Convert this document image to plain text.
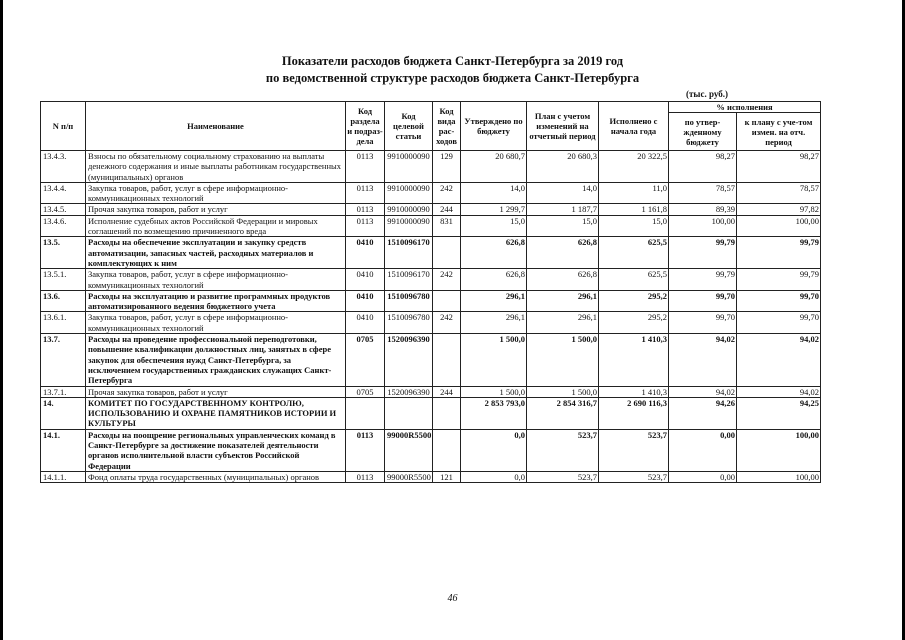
Показатели расходов бюджета Санкт-Петербурга за 2019 год
по ведомственной структуре расходов бюджета Санкт-Петербурга
(тыс. руб.)
N п/п	Наименование	Код раздела и подраз-дела	Код целевой статьи	Код вида рас-ходов	Утверждено по бюджету	План с учетом изменений на отчетный период	Исполнено с начала года	% исполнения	
								по утвер-жденному бюджету	к плану с уче-том измен. на отч. период
13.4.3.	Взносы по обязательному социальному страхованию на выплаты денежного содержания и иные выплаты работникам государственных (муниципальных) органов	0113	9910000090	129	20 680,7	20 680,3	20 322,5	98,27	98,27
13.4.4.	Закупка товаров, работ, услуг в сфере информационно-коммуникационных технологий	0113	9910000090	242	14,0	14,0	11,0	78,57	78,57
13.4.5.	Прочая закупка товаров, работ и услуг	0113	9910000090	244	1 299,7	1 187,7	1 161,8	89,39	97,82
13.4.6.	Исполнение судебных актов Российской Федерации и мировых соглашений по возмещению причиненного вреда	0113	9910000090	831	15,0	15,0	15,0	100,00	100,00
13.5.	Расходы на обеспечение эксплуатации и закупку средств автоматизации, запасных частей, расходных материалов и комплектующих к ним	0410	1510096170		626,8	626,8	625,5	99,79	99,79
13.5.1.	Закупка товаров, работ, услуг в сфере информационно-коммуникационных технологий	0410	1510096170	242	626,8	626,8	625,5	99,79	99,79
13.6.	Расходы на эксплуатацию и развитие программных продуктов автоматизированного ведения бюджетного учета	0410	1510096780		296,1	296,1	295,2	99,70	99,70
13.6.1.	Закупка товаров, работ, услуг в сфере информационно-коммуникационных технологий	0410	1510096780	242	296,1	296,1	295,2	99,70	99,70
13.7.	Расходы на проведение профессиональной переподготовки, повышение квалификации должностных лиц, занятых в сфере закупок для обеспечения нужд Санкт-Петербурга, за исключением государственных гражданских служащих Санкт-Петербурга	0705	1520096390		1 500,0	1 500,0	1 410,3	94,02	94,02
13.7.1.	Прочая закупка товаров, работ и услуг	0705	1520096390	244	1 500,0	1 500,0	1 410,3	94,02	94,02
14.	КОМИТЕТ ПО ГОСУДАРСТВЕННОМУ КОНТРОЛЮ, ИСПОЛЬЗОВАНИЮ И ОХРАНЕ ПАМЯТНИКОВ ИСТОРИИ И КУЛЬТУРЫ				2 853 793,0	2 854 316,7	2 690 116,3	94,26	94,25
14.1.	Расходы на поощрение региональных управленческих команд в Санкт-Петербурге за достижение показателей деятельности органов исполнительной власти субъектов Российской Федерации	0113	99000R5500		0,0	523,7	523,7	0,00	100,00
14.1.1.	Фонд оплаты труда государственных (муниципальных) органов	0113	99000R5500	121	0,0	523,7	523,7	0,00	100,00
46
